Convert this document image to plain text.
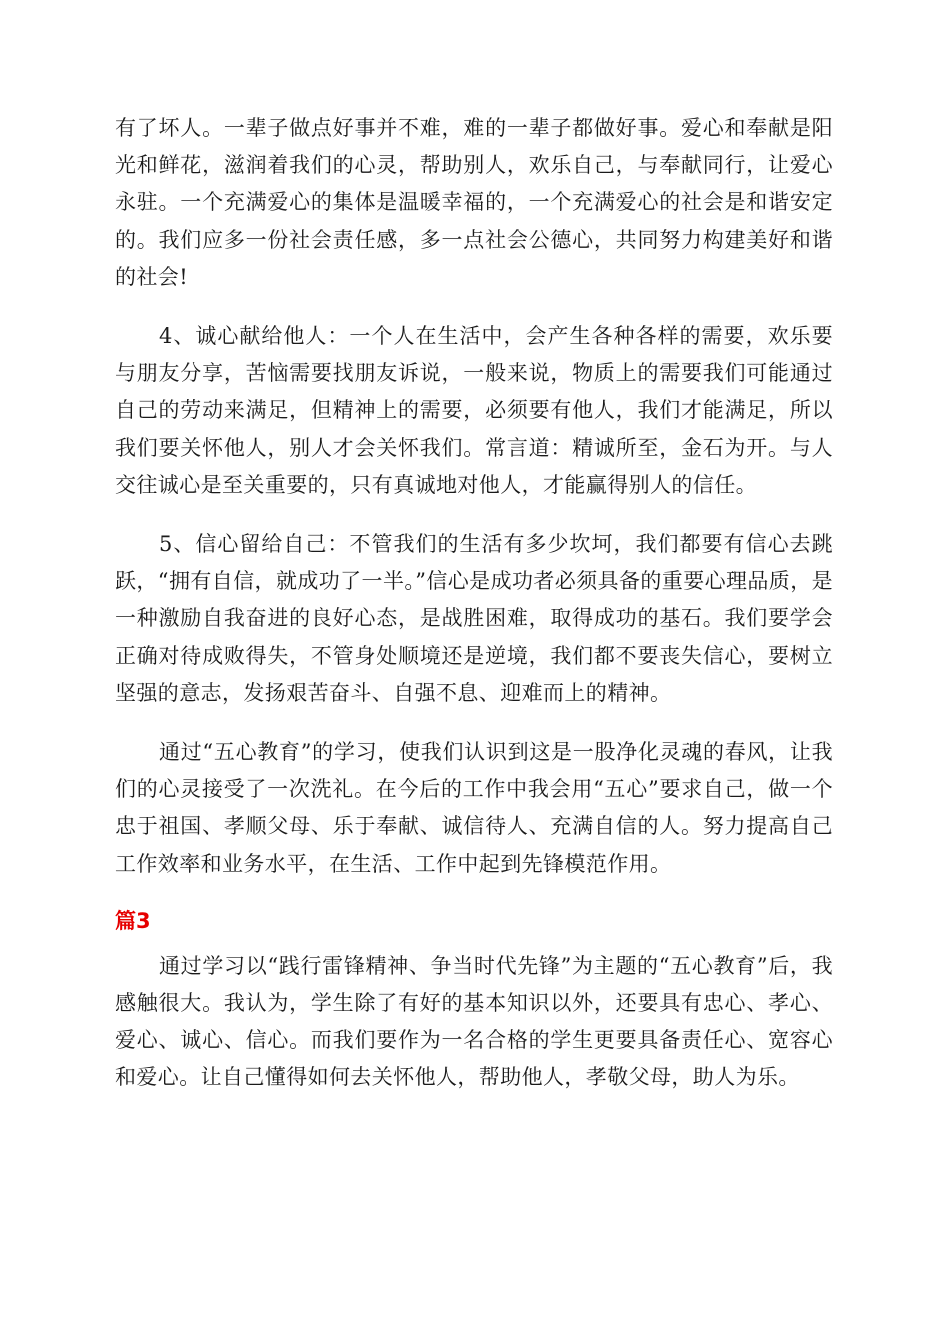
有了坏人。一辈子做点好事并不难，难的一辈子都做好事。爱心和奉献是阳光和鲜花，滋润着我们的心灵，帮助别人，欢乐自己，与奉献同行，让爱心永驻。一个充满爱心的集体是温暖幸福的，一个充满爱心的社会是和谐安定的。我们应多一份社会责任感，多一点社会公德心，共同努力构建美好和谐的社会!

4、诚心献给他人：一个人在生活中，会产生各种各样的需要，欢乐要与朋友分享，苦恼需要找朋友诉说，一般来说，物质上的需要我们可能通过自己的劳动来满足，但精神上的需要，必须要有他人，我们才能满足，所以我们要关怀他人，别人才会关怀我们。常言道：精诚所至，金石为开。与人交往诚心是至关重要的，只有真诚地对他人，才能赢得别人的信任。

5、信心留给自己：不管我们的生活有多少坎坷，我们都要有信心去跳跃，“拥有自信，就成功了一半。”信心是成功者必须具备的重要心理品质，是一种激励自我奋进的良好心态，是战胜困难，取得成功的基石。我们要学会正确对待成败得失，不管身处顺境还是逆境，我们都不要丧失信心，要树立坚强的意志，发扬艰苦奋斗、自强不息、迎难而上的精神。

通过“五心教育”的学习，使我们认识到这是一股净化灵魂的春风，让我们的心灵接受了一次洗礼。在今后的工作中我会用“五心”要求自己，做一个忠于祖国、孝顺父母、乐于奉献、诚信待人、充满自信的人。努力提高自己工作效率和业务水平，在生活、工作中起到先锋模范作用。

篇3

通过学习以“践行雷锋精神、争当时代先锋”为主题的“五心教育”后，我感触很大。我认为，学生除了有好的基本知识以外，还要具有忠心、孝心、爱心、诚心、信心。而我们要作为一名合格的学生更要具备责任心、宽容心和爱心。让自己懂得如何去关怀他人，帮助他人，孝敬父母，助人为乐。
